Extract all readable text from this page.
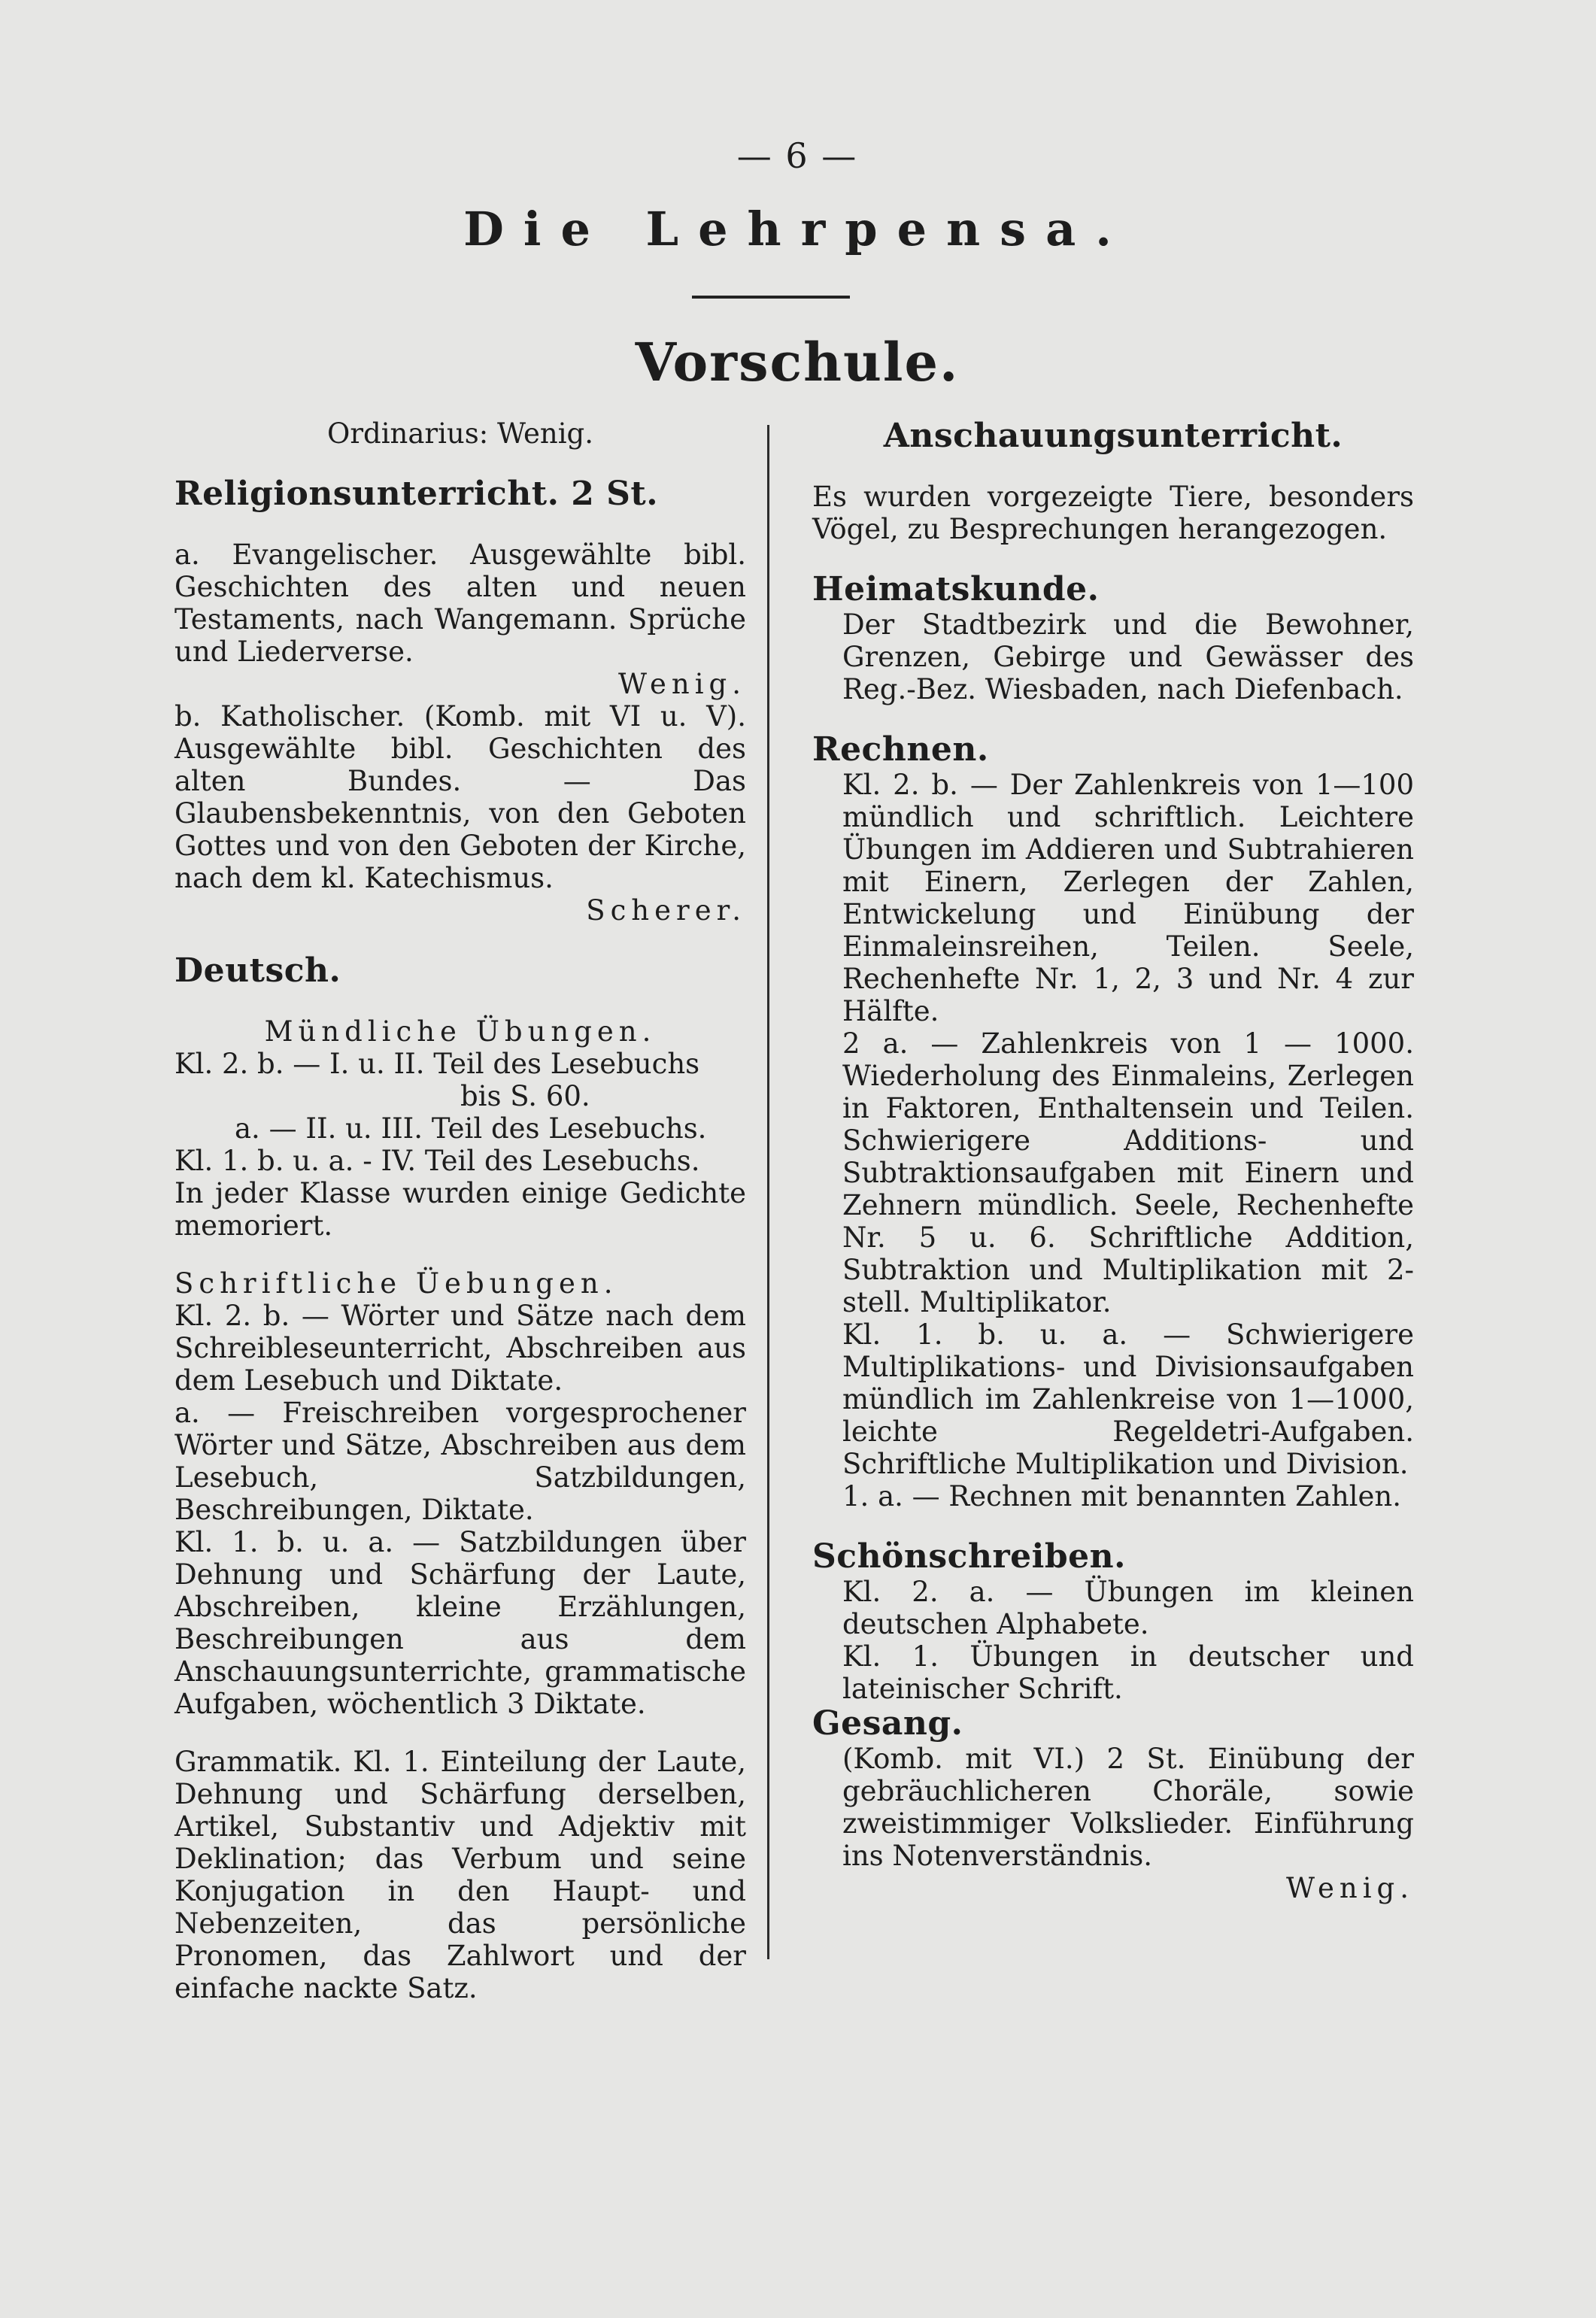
— 6 —
Die Lehrpensa.
Vorschule.

Ordinarius: Wenig.

Religionsunterricht. 2 St.

a. Evangelischer. Ausgewählte bibl. Geschichten des alten und neuen Testaments, nach Wangemann. Sprüche und Liederverse.

Wenig.

b. Katholischer. (Komb. mit VI u. V). Ausgewählte bibl. Geschichten des alten Bundes. — Das Glaubensbekenntnis, von den Geboten Gottes und von den Geboten der Kirche, nach dem kl. Katechismus.

Scherer.

Deutsch.

Mündliche Übungen.

Kl. 2. b. — I. u. II. Teil des Lesebuchs

bis S. 60.

a. — II. u. III. Teil des Lesebuchs.

Kl. 1. b. u. a. - IV. Teil des Lesebuchs.

In jeder Klasse wurden einige Gedichte memoriert.

Schriftliche Üebungen.

Kl. 2. b. — Wörter und Sätze nach dem Schreibleseunterricht, Abschreiben aus dem Lesebuch und Diktate.

a. — Freischreiben vorgesprochener Wörter und Sätze, Abschreiben aus dem Lesebuch, Satzbildungen, Beschreibungen, Diktate.

Kl. 1. b. u. a. — Satzbildungen über Dehnung und Schärfung der Laute, Abschreiben, kleine Erzählungen, Beschreibungen aus dem Anschauungsunterrichte, grammatische Aufgaben, wöchentlich 3 Diktate.

Grammatik. Kl. 1. Einteilung der Laute, Dehnung und Schärfung derselben, Artikel, Substantiv und Adjektiv mit Deklination; das Verbum und seine Konjugation in den Haupt- und Nebenzeiten, das persönliche Pronomen, das Zahlwort und der einfache nackte Satz.

Anschauungsunterricht.

Es wurden vorgezeigte Tiere, besonders Vögel, zu Besprechungen herangezogen.

Heimatskunde.

Der Stadtbezirk und die Bewohner, Grenzen, Gebirge und Gewässer des Reg.-Bez. Wiesbaden, nach Diefenbach.

Rechnen.

Kl. 2. b. — Der Zahlenkreis von 1—100 mündlich und schriftlich. Leichtere Übungen im Addieren und Subtrahieren mit Einern, Zerlegen der Zahlen, Entwickelung und Einübung der Einmaleinsreihen, Teilen. Seele, Rechenhefte Nr. 1, 2, 3 und Nr. 4 zur Hälfte.

2 a. — Zahlenkreis von 1 — 1000. Wiederholung des Einmaleins, Zerlegen in Faktoren, Enthaltensein und Teilen. Schwierigere Additions- und Subtraktionsaufgaben mit Einern und Zehnern mündlich. Seele, Rechenhefte Nr. 5 u. 6. Schriftliche Addition, Subtraktion und Multiplikation mit 2-stell. Multiplikator.

Kl. 1. b. u. a. — Schwierigere Multiplikations- und Divisionsaufgaben mündlich im Zahlenkreise von 1—1000, leichte Regeldetri-Aufgaben. Schriftliche Multiplikation und Division.

1. a. — Rechnen mit benannten Zahlen.

Schönschreiben.

Kl. 2. a. — Übungen im kleinen deutschen Alphabete.

Kl. 1. Übungen in deutscher und lateinischer Schrift.

Gesang.

(Komb. mit VI.) 2 St. Einübung der gebräuchlicheren Choräle, sowie zweistimmiger Volkslieder. Einführung ins Notenverständnis.

Wenig.
